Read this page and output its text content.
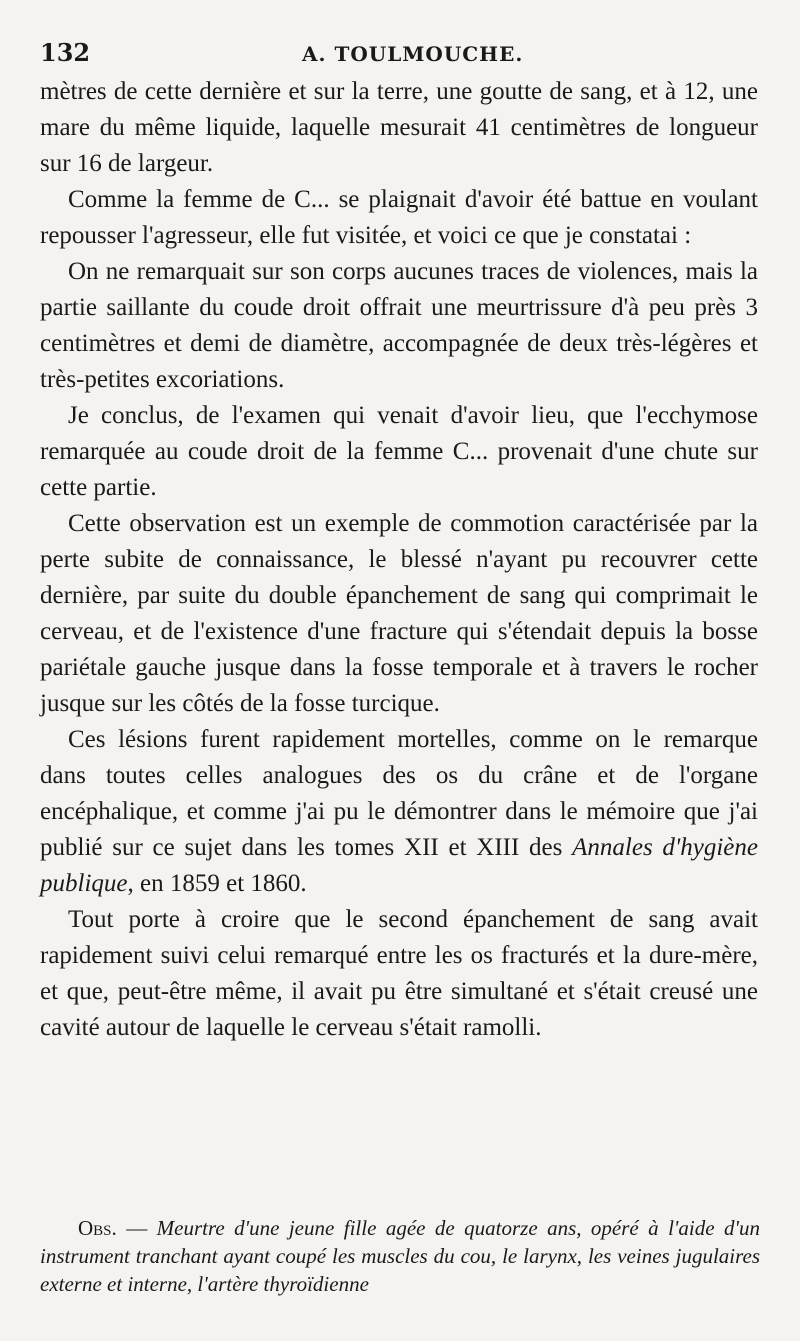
132	A. TOULMOUCHE.

mètres de cette dernière et sur la terre, une goutte de sang, et à 12, une mare du même liquide, laquelle mesurait 41 centimètres de longueur sur 16 de largeur.

Comme la femme de C... se plaignait d'avoir été battue en voulant repousser l'agresseur, elle fut visitée, et voici ce que je constatai :

On ne remarquait sur son corps aucunes traces de violences, mais la partie saillante du coude droit offrait une meurtrissure d'à peu près 3 centimètres et demi de diamètre, accompagnée de deux très-légères et très-petites excoriations.

Je conclus, de l'examen qui venait d'avoir lieu, que l'ecchymose remarquée au coude droit de la femme C... provenait d'une chute sur cette partie.

Cette observation est un exemple de commotion caractérisée par la perte subite de connaissance, le blessé n'ayant pu recouvrer cette dernière, par suite du double épanchement de sang qui comprimait le cerveau, et de l'existence d'une fracture qui s'étendait depuis la bosse pariétale gauche jusque dans la fosse temporale et à travers le rocher jusque sur les côtés de la fosse turcique.

Ces lésions furent rapidement mortelles, comme on le remarque dans toutes celles analogues des os du crâne et de l'organe encéphalique, et comme j'ai pu le démontrer dans le mémoire que j'ai publié sur ce sujet dans les tomes XII et XIII des Annales d'hygiène publique, en 1859 et 1860.

Tout porte à croire que le second épanchement de sang avait rapidement suivi celui remarqué entre les os fracturés et la dure-mère, et que, peut-être même, il avait pu être simultané et s'était creusé une cavité autour de laquelle le cerveau s'était ramolli.

Obs. — Meurtre d'une jeune fille agée de quatorze ans, opéré à l'aide d'un instrument tranchant ayant coupé les muscles du cou, le larynx, les veines jugulaires externe et interne, l'artère thyroïdienne
